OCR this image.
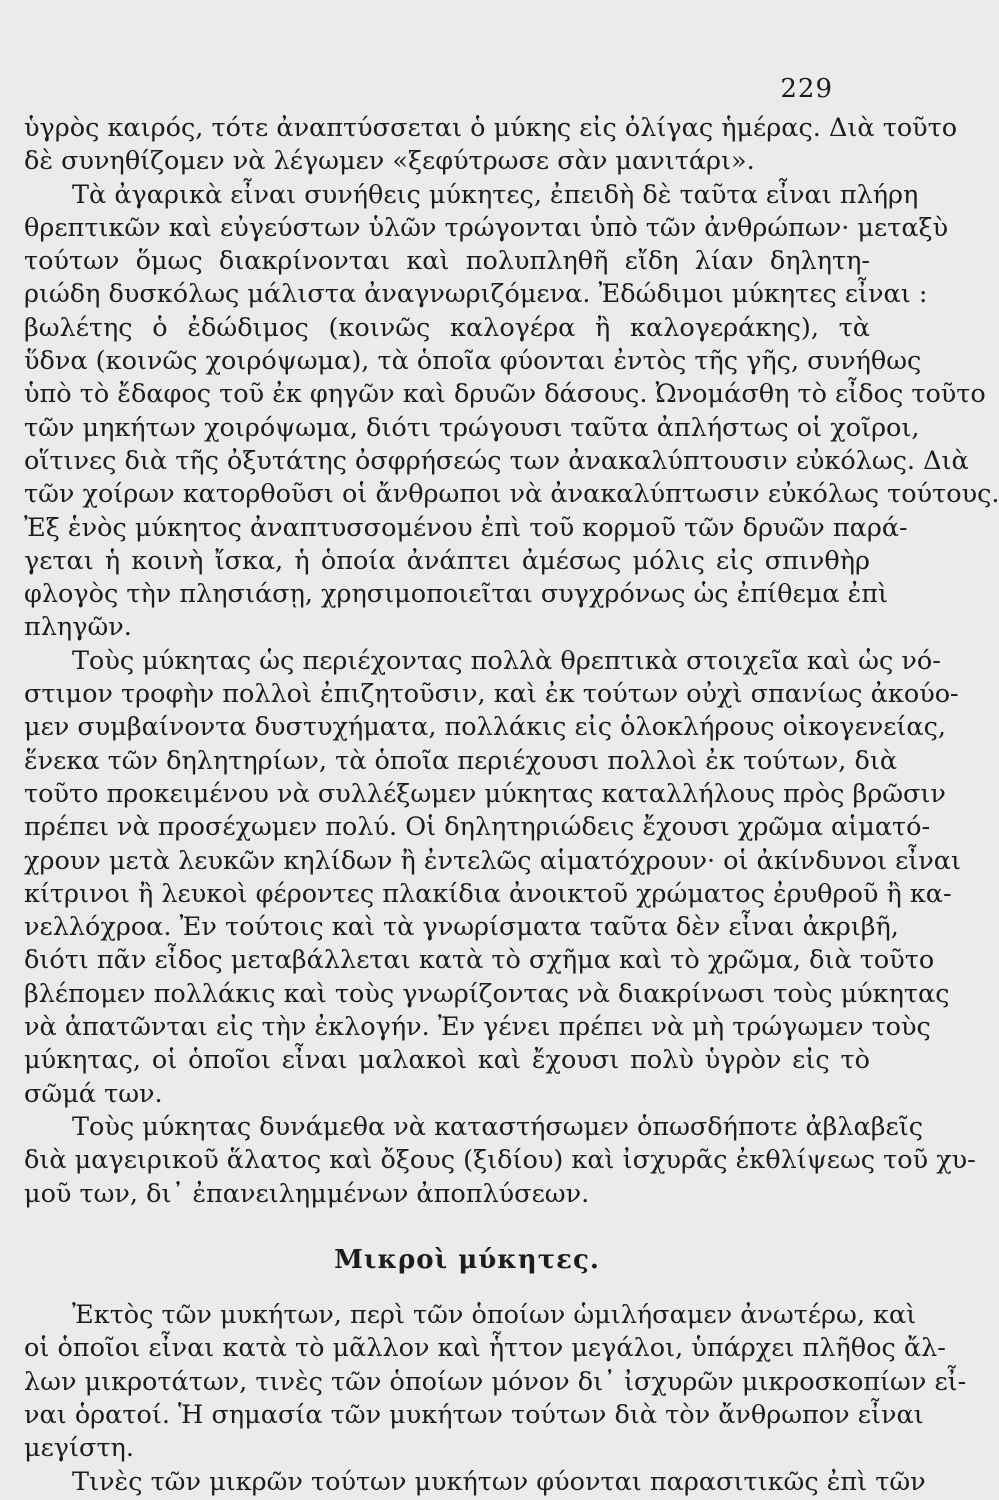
229
ὑγρὸς καιρός, τότε ἀναπτύσσεται ὁ μύκης εἰς ὀλίγας ἡμέρας. Διὰ τοῦτο
δὲ συνηθίζομεν νὰ λέγωμεν «ξεφύτρωσε σὰν μανιτάρι».
Τὰ ἀγαρικὰ εἶναι συνήθεις μύκητες, ἐπειδὴ δὲ ταῦτα εἶναι πλήρη
θρεπτικῶν καὶ εὐγεύστων ὑλῶν τρώγονται ὑπὸ τῶν ἀνθρώπων· μεταξὺ
τούτων ὅμως διακρίνονται καὶ πολυπληθῆ εἴδη λίαν δηλητη-
ριώδη δυσκόλως μάλιστα ἀναγνωριζόμενα. Ἐδώδιμοι μύκητες εἶναι :
βωλέτης ὁ ἐδώδιμος (κοινῶς καλογέρα ἢ καλογεράκης), τὰ
ὕδνα (κοινῶς χοιρόψωμα), τὰ ὁποῖα φύονται ἐντὸς τῆς γῆς, συνήθως
ὑπὸ τὸ ἔδαφος τοῦ ἐκ φηγῶν καὶ δρυῶν δάσους. Ὠνομάσθη τὸ εἶδος τοῦτο
τῶν μηκήτων χοιρόψωμα, διότι τρώγουσι ταῦτα ἀπλήστως οἱ χοῖροι,
οἵτινες διὰ τῆς ὀξυτάτης ὀσφρήσεώς των ἀνακαλύπτουσιν εὐκόλως. Διὰ
τῶν χοίρων κατορθοῦσι οἱ ἄνθρωποι νὰ ἀνακαλύπτωσιν εὐκόλως τούτους.
Ἐξ ἑνὸς μύκητος ἀναπτυσσομένου ἐπὶ τοῦ κορμοῦ τῶν δρυῶν παρά-
γεται ἡ κοινὴ ἴσκα, ἡ ὁποία ἀνάπτει ἀμέσως μόλις εἰς σπινθὴρ
φλογὸς τὴν πλησιάσῃ, χρησιμοποιεῖται συγχρόνως ὡς ἐπίθεμα ἐπὶ
πληγῶν.
Τοὺς μύκητας ὡς περιέχοντας πολλὰ θρεπτικὰ στοιχεῖα καὶ ὡς νό-
στιμον τροφὴν πολλοὶ ἐπιζητοῦσιν, καὶ ἐκ τούτων οὐχὶ σπανίως ἀκούο-
μεν συμβαίνοντα δυστυχήματα, πολλάκις εἰς ὁλοκλήρους οἰκογενείας,
ἕνεκα τῶν δηλητηρίων, τὰ ὁποῖα περιέχουσι πολλοὶ ἐκ τούτων, διὰ
τοῦτο προκειμένου νὰ συλλέξωμεν μύκητας καταλλήλους πρὸς βρῶσιν
πρέπει νὰ προσέχωμεν πολύ. Οἱ δηλητηριώδεις ἔχουσι χρῶμα αἱματό-
χρουν μετὰ λευκῶν κηλίδων ἢ ἐντελῶς αἱματόχρουν· οἱ ἀκίνδυνοι εἶναι
κίτρινοι ἢ λευκοὶ φέροντες πλακίδια ἀνοικτοῦ χρώματος ἐρυθροῦ ἢ κα-
νελλόχροα. Ἐν τούτοις καὶ τὰ γνωρίσματα ταῦτα δὲν εἶναι ἀκριβῆ,
διότι πᾶν εἶδος μεταβάλλεται κατὰ τὸ σχῆμα καὶ τὸ χρῶμα, διὰ τοῦτο
βλέπομεν πολλάκις καὶ τοὺς γνωρίζοντας νὰ διακρίνωσι τοὺς μύκητας
νὰ ἀπατῶνται εἰς τὴν ἐκλογήν. Ἐν γένει πρέπει νὰ μὴ τρώγωμεν τοὺς
μύκητας, οἱ ὁποῖοι εἶναι μαλακοὶ καὶ ἔχουσι πολὺ ὑγρὸν εἰς τὸ
σῶμά των.
Τοὺς μύκητας δυνάμεθα νὰ καταστήσωμεν ὁπωσδήποτε ἀβλαβεῖς
διὰ μαγειρικοῦ ἅλατος καὶ ὄξους (ξιδίου) καὶ ἰσχυρᾶς ἐκθλίψεως τοῦ χυ-
μοῦ των, δι᾽ ἐπανειλημμένων ἀποπλύσεων.
Μικροὶ μύκητες.
Ἐκτὸς τῶν μυκήτων, περὶ τῶν ὁποίων ὡμιλήσαμεν ἀνωτέρω, καὶ
οἱ ὁποῖοι εἶναι κατὰ τὸ μᾶλλον καὶ ἧττον μεγάλοι, ὑπάρχει πλῆθος ἄλ-
λων μικροτάτων, τινὲς τῶν ὁποίων μόνον δι᾽ ἰσχυρῶν μικροσκοπίων εἶ-
ναι ὁρατοί. Ἡ σημασία τῶν μυκήτων τούτων διὰ τὸν ἄνθρωπον εἶναι
μεγίστη.
Τινὲς τῶν μικρῶν τούτων μυκήτων φύονται παρασιτικῶς ἐπὶ τῶν
